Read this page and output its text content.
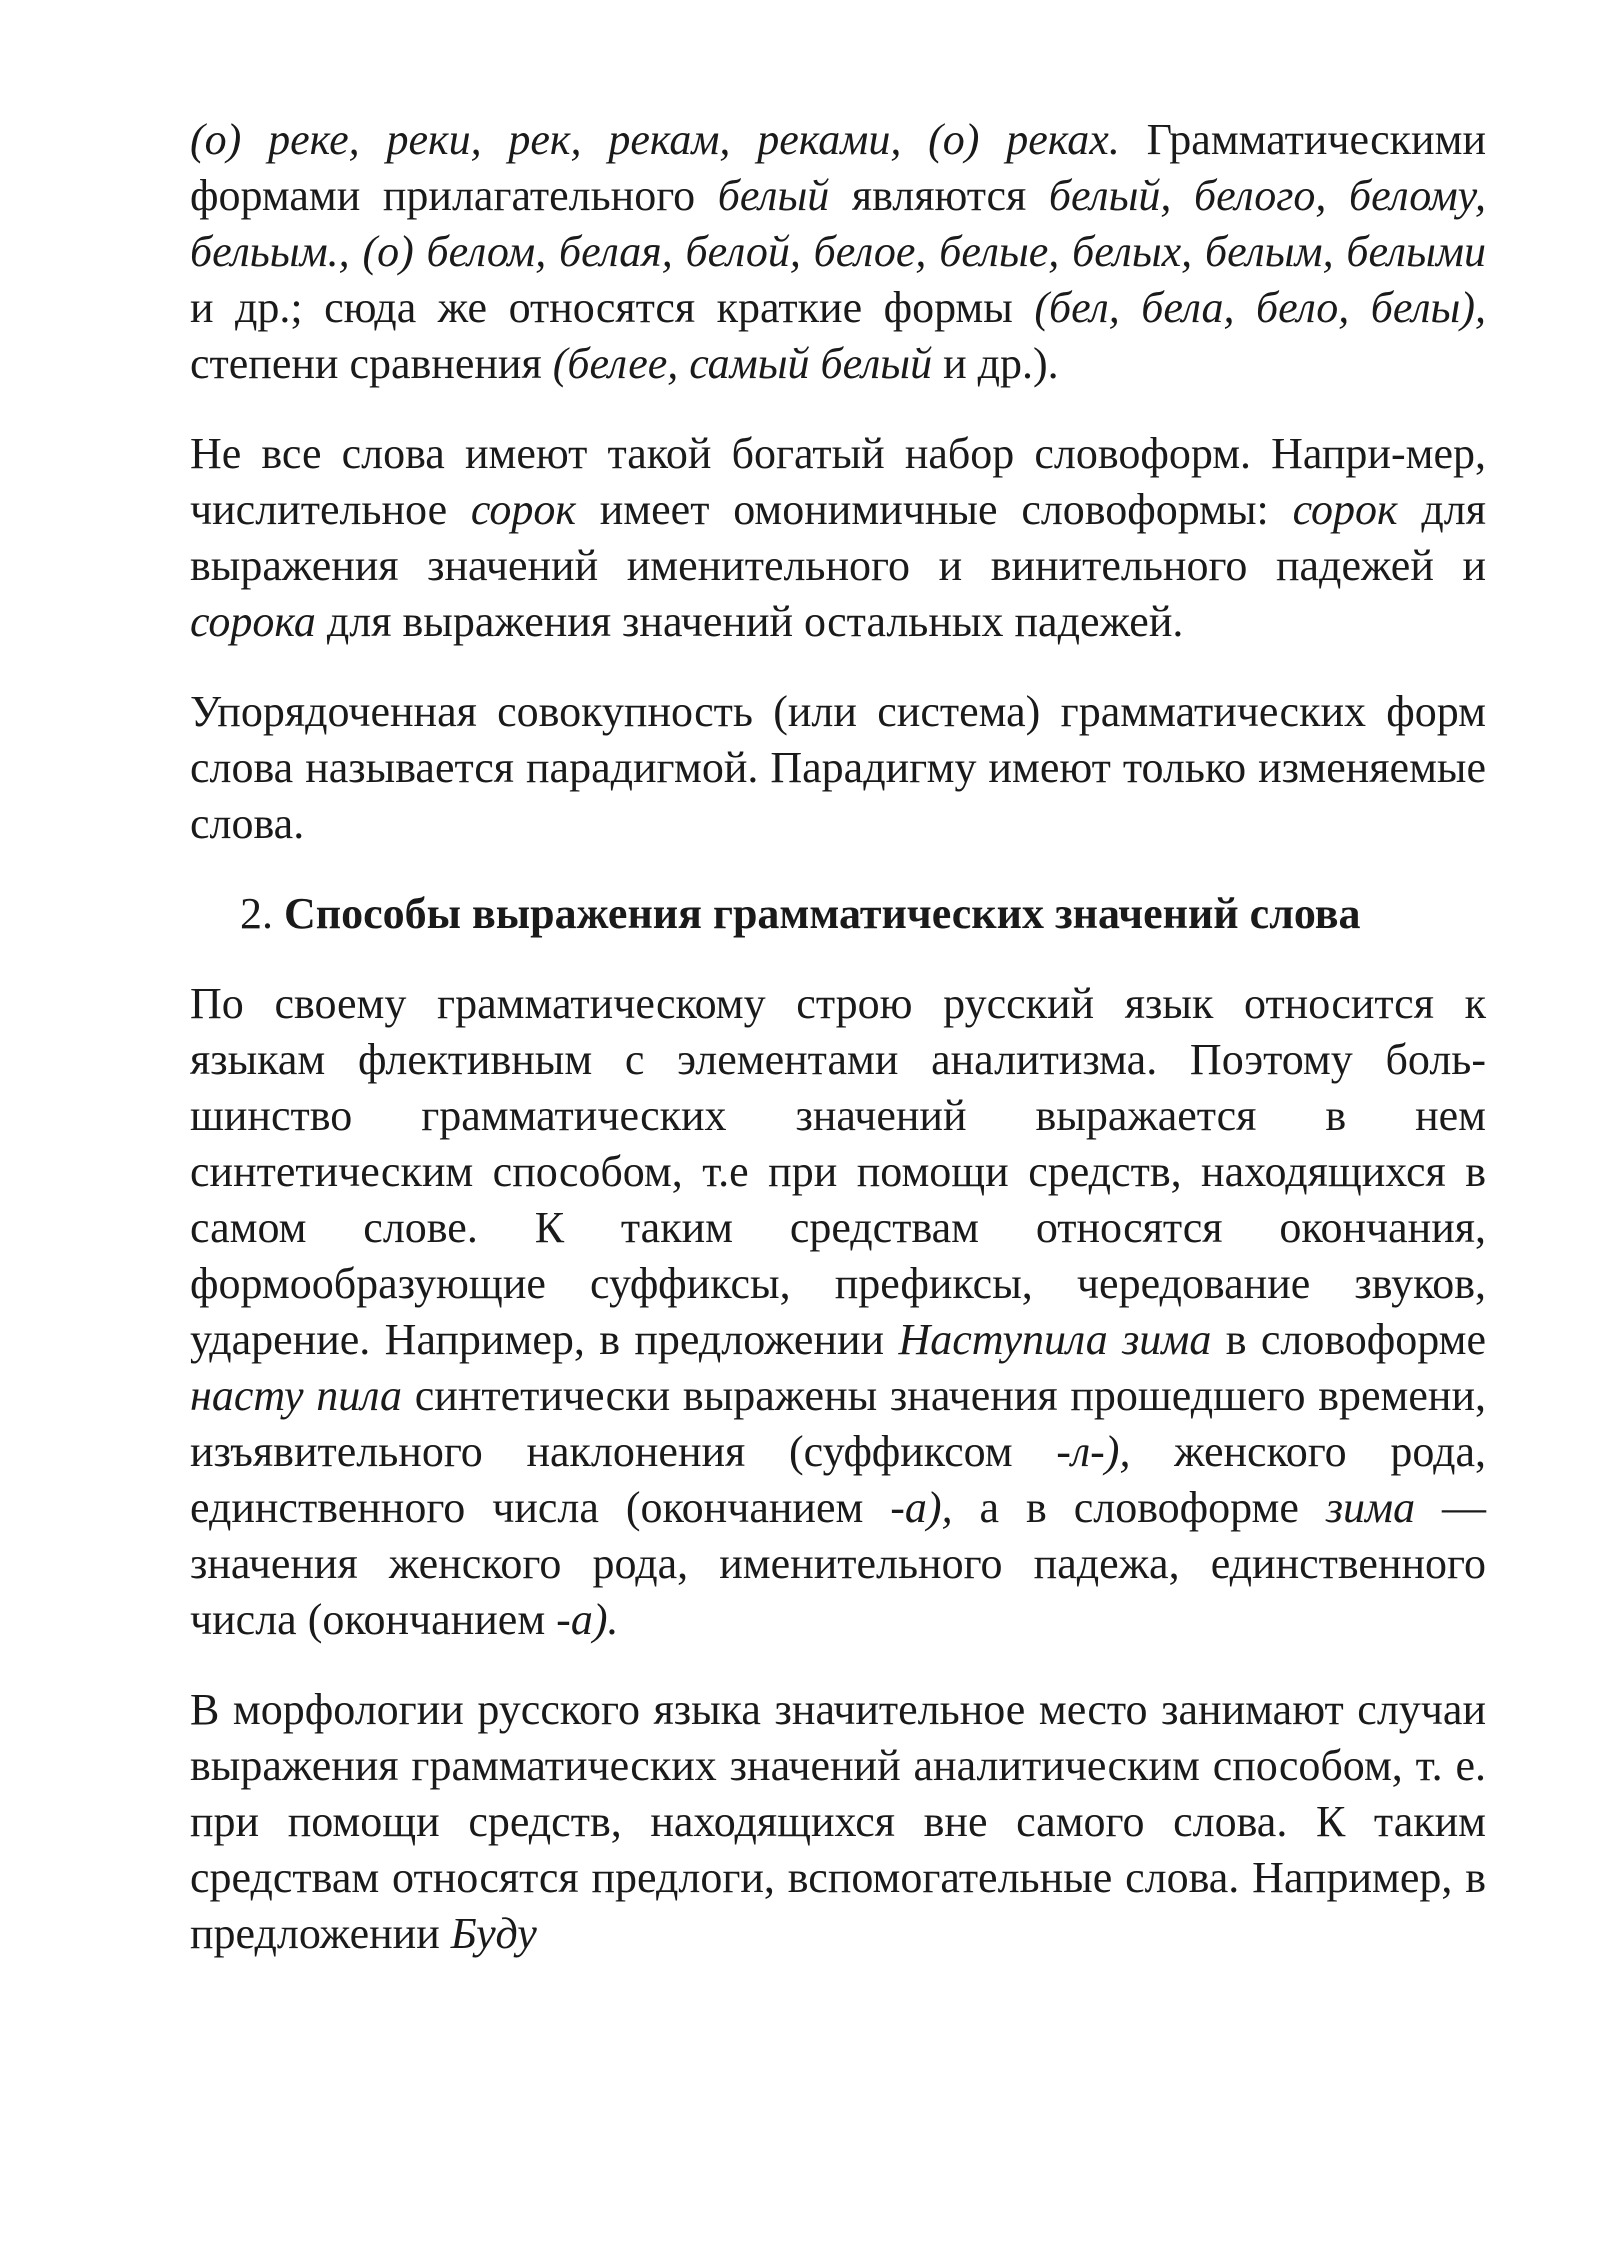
(о) реке, реки, рек, рекам, реками, (о) реках. Грамматическими формами прилагательного белый являются белый, белого, белому, бельым., (о) белом, белая, белой, белое, белые, белых, белым, белыми и др.; сюда же относятся краткие формы (бел, бела, бело, белы), степени сравнения (белее, самый белый и др.).

Не все слова имеют такой богатый набор словоформ. Напри-мер, числительное сорок имеет омонимичные словоформы: сорок для выражения значений именительного и винительного падежей и сорока для выражения значений остальных падежей.

Упорядоченная совокупность (или система) грамматических форм слова называется парадигмой. Парадигму имеют только изменяемые слова.

2. Способы выражения грамматических значений слова

По своему грамматическому строю русский язык относится к языкам флективным с элементами аналитизма. Поэтому боль-шинство грамматических значений выражается в нем синтетическим способом, т.е при помощи средств, находящихся в самом слове. К таким средствам относятся окончания, формообразующие суффиксы, префиксы, чередование звуков, ударение. Например, в предложении Наступила зима в словоформе насту пила синтетически выражены значения прошедшего времени, изъявительного наклонения (суффиксом -л-), женского рода, единственного числа (окончанием -а), а в словоформе зима — значения женского рода, именительного падежа, единственного числа (окончанием -а).

В морфологии русского языка значительное место занимают случаи выражения грамматических значений аналитическим способом, т. е. при помощи средств, находящихся вне самого слова. К таким средствам относятся предлоги, вспомогательные слова. Например, в предложении Буду
